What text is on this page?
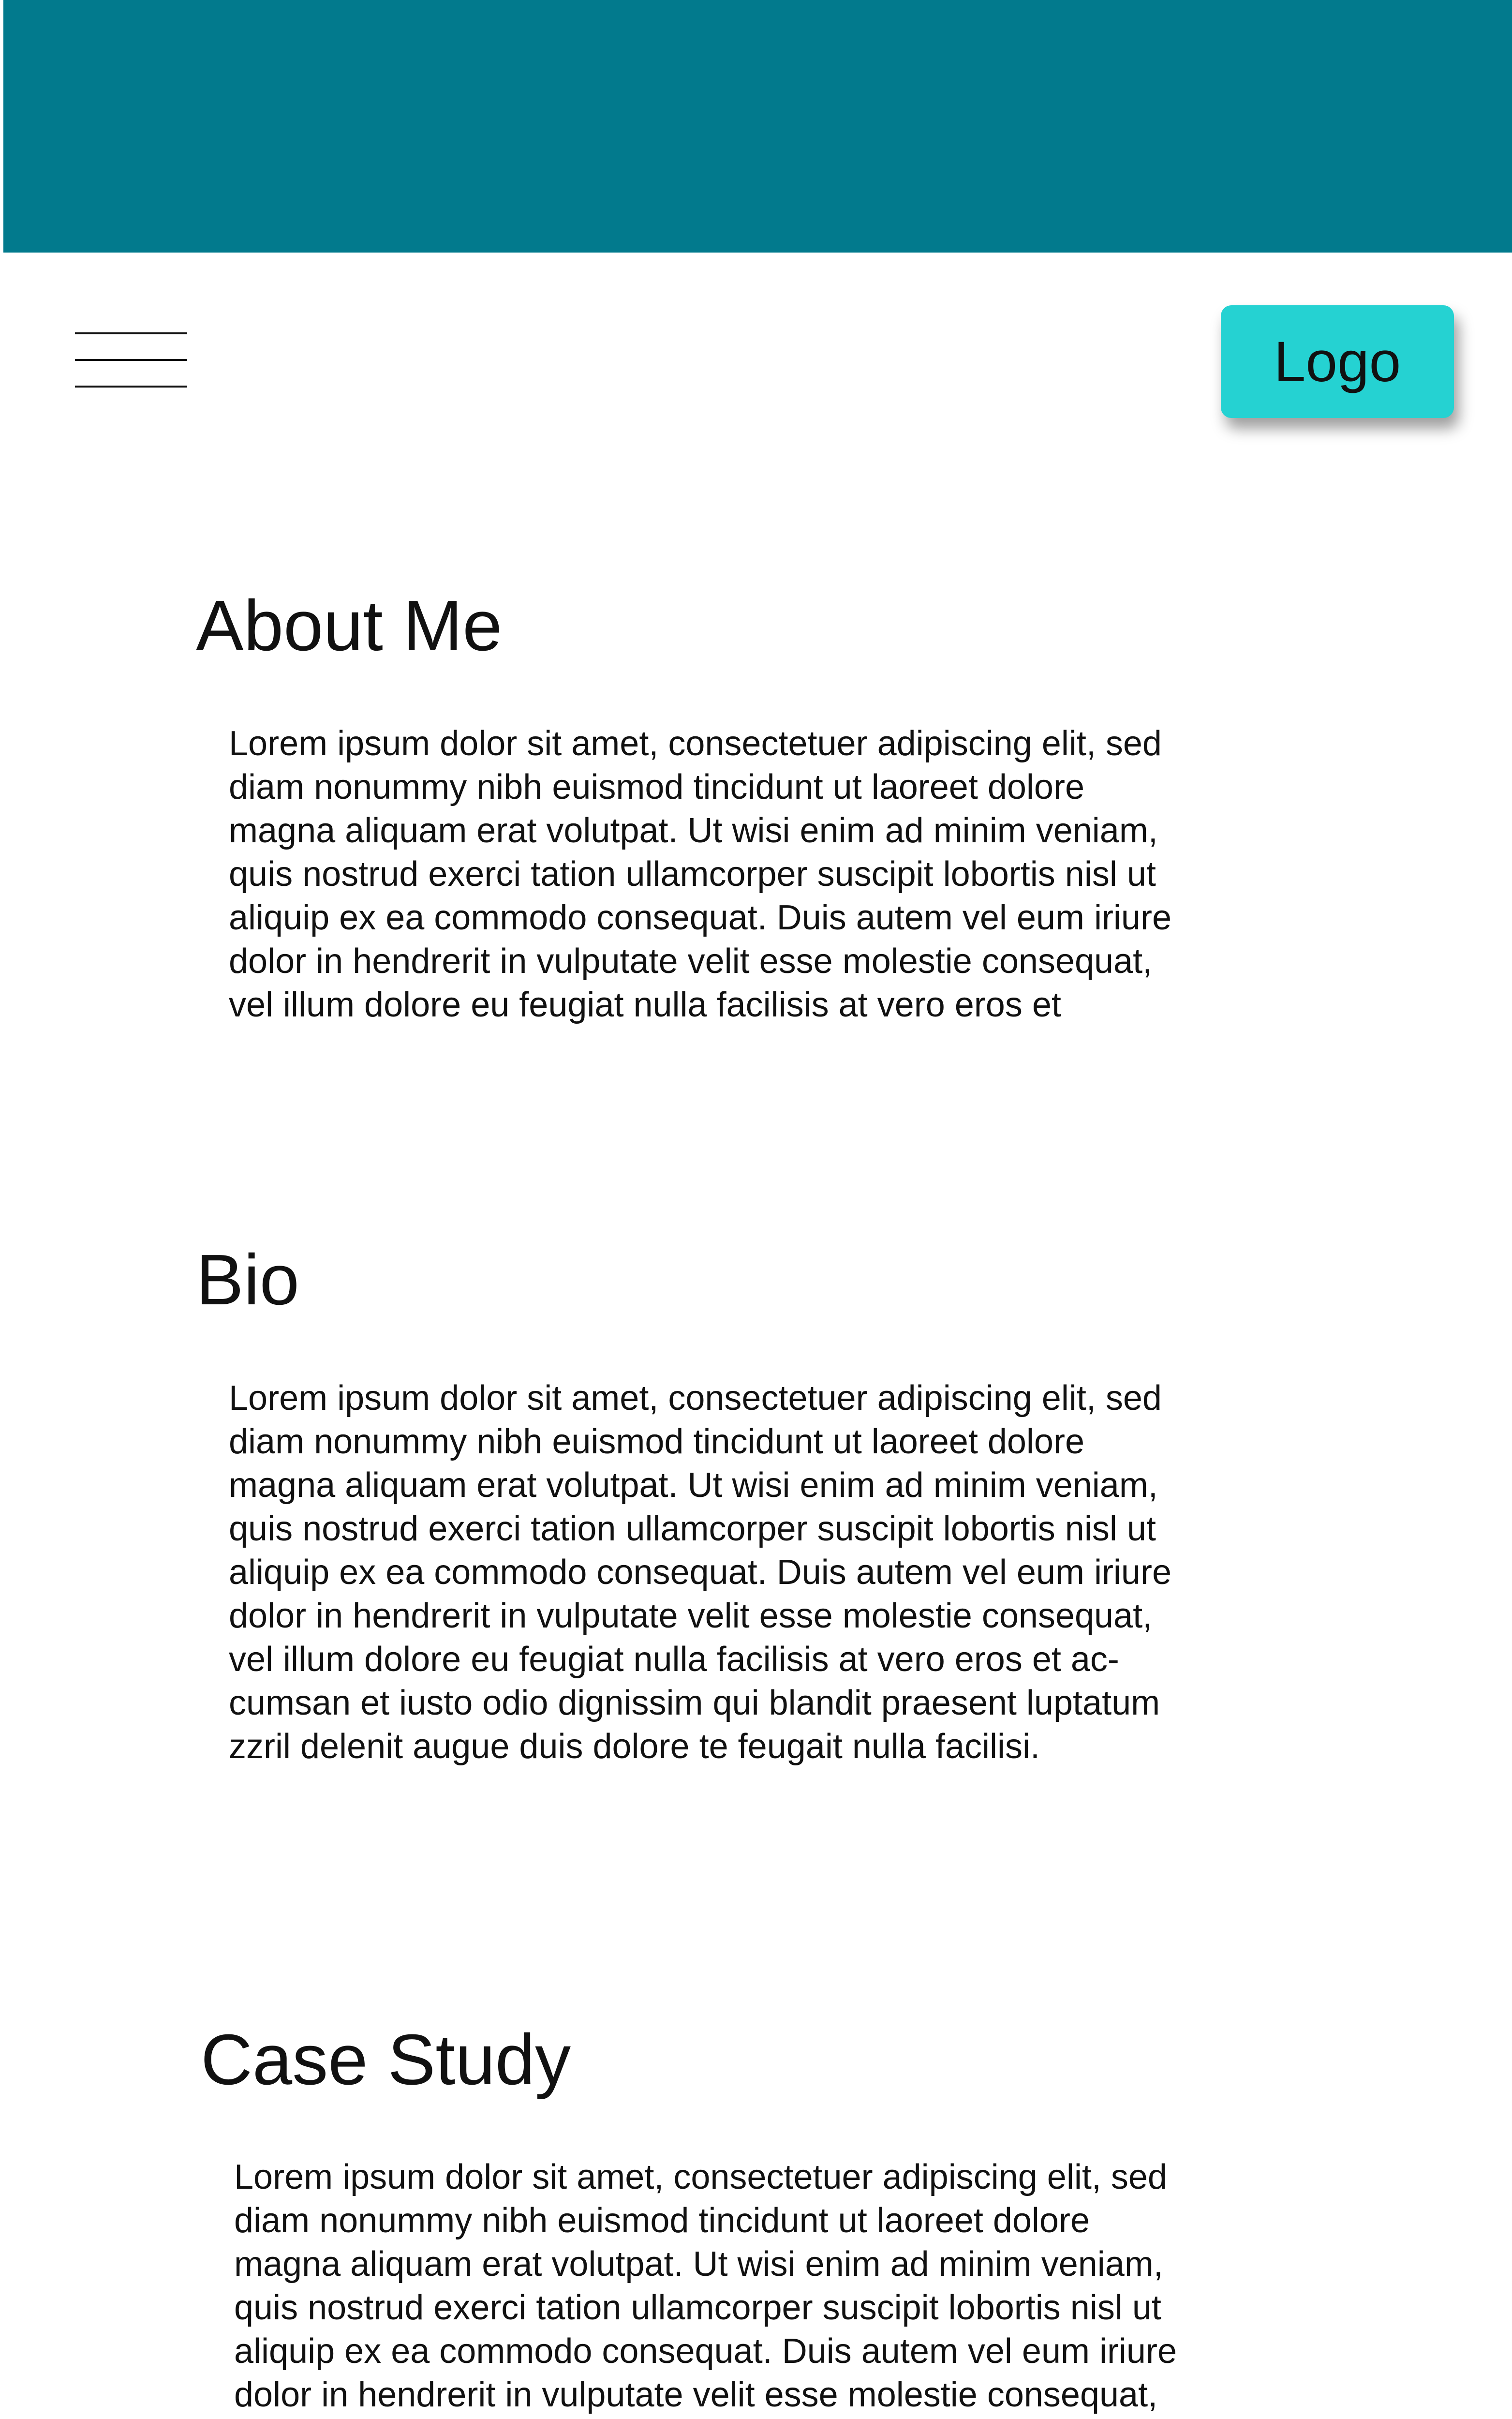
Logo
About Me

Lorem ipsum dolor sit amet, consectetuer adipiscing elit, sed
diam nonummy nibh euismod tincidunt ut laoreet dolore
magna aliquam erat volutpat. Ut wisi enim ad minim veniam,
quis nostrud exerci tation ullamcorper suscipit lobortis nisl ut
aliquip ex ea commodo consequat. Duis autem vel eum iriure
dolor in hendrerit in vulputate velit esse molestie consequat,
vel illum dolore eu feugiat nulla facilisis at vero eros et

Bio

Lorem ipsum dolor sit amet, consectetuer adipiscing elit, sed
diam nonummy nibh euismod tincidunt ut laoreet dolore
magna aliquam erat volutpat. Ut wisi enim ad minim veniam,
quis nostrud exerci tation ullamcorper suscipit lobortis nisl ut
aliquip ex ea commodo consequat. Duis autem vel eum iriure
dolor in hendrerit in vulputate velit esse molestie consequat,
vel illum dolore eu feugiat nulla facilisis at vero eros et ac-
cumsan et iusto odio dignissim qui blandit praesent luptatum
zzril delenit augue duis dolore te feugait nulla facilisi.

Case Study

Lorem ipsum dolor sit amet, consectetuer adipiscing elit, sed
diam nonummy nibh euismod tincidunt ut laoreet dolore
magna aliquam erat volutpat. Ut wisi enim ad minim veniam,
quis nostrud exerci tation ullamcorper suscipit lobortis nisl ut
aliquip ex ea commodo consequat. Duis autem vel eum iriure
dolor in hendrerit in vulputate velit esse molestie consequat,
